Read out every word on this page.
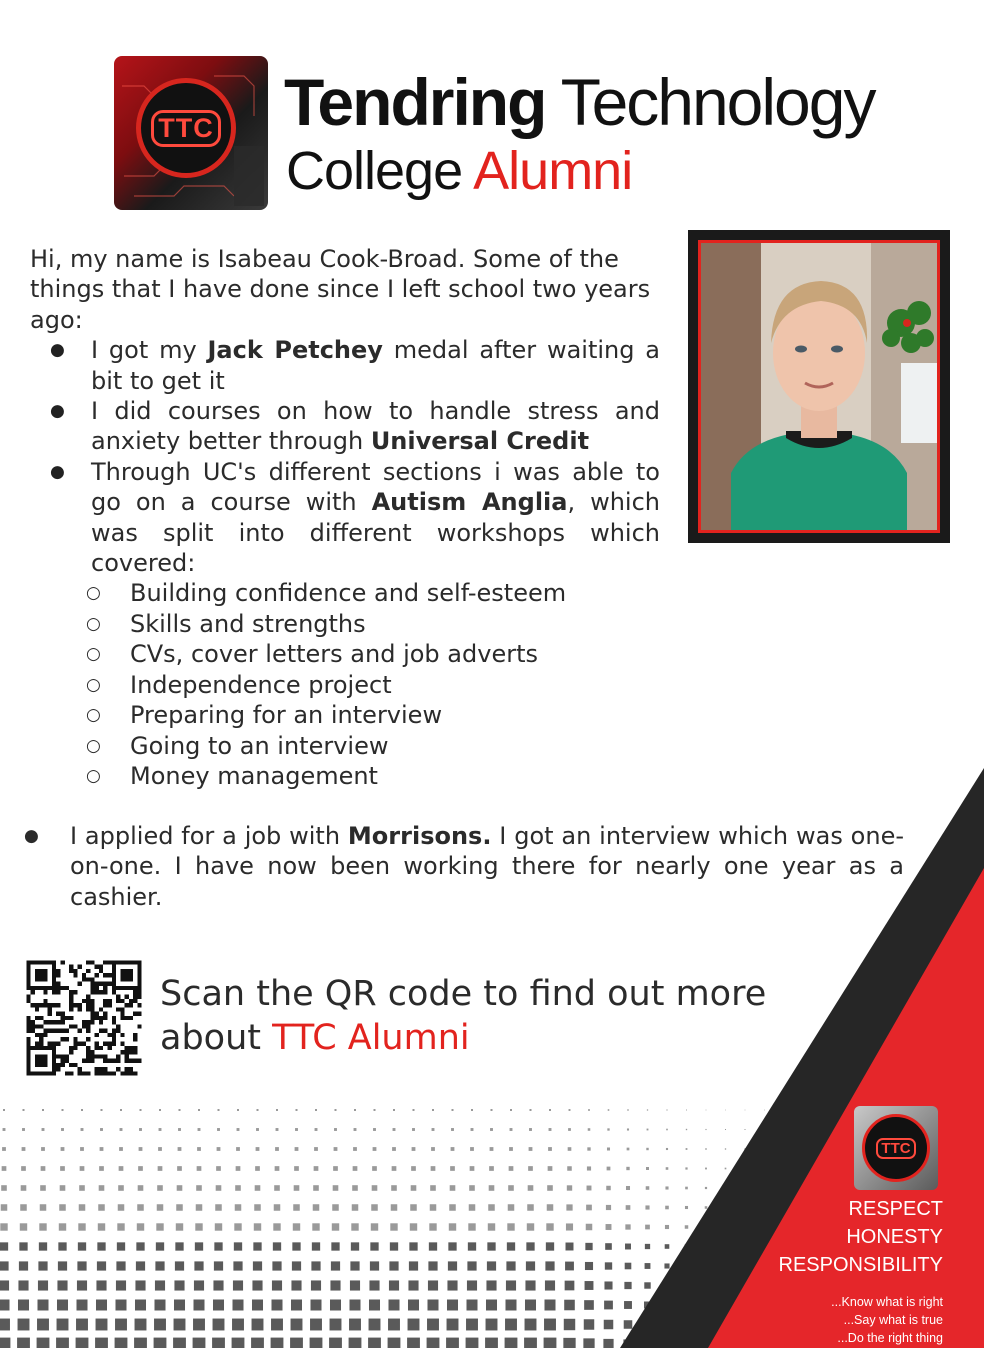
TTC Tendring Technology
College Alumni

Hi, my name is Isabeau Cook-Broad. Some of the things that I have done since I left school two years ago:

● I got my Jack Petchey medal after waiting a bit to get it
● I did courses on how to handle stress and anxiety better through Universal Credit
● Through UC's different sections i was able to go on a course with Autism Anglia, which was split into different workshops which covered:
○ Building confidence and self-esteem
○ Skills and strengths
○ CVs, cover letters and job adverts
○ Independence project
○ Preparing for an interview
○ Going to an interview
○ Money management
● I applied for a job with Morrisons. I got an interview which was one-on-one. I have now been working there for nearly one year as a cashier.
Scan the QR code to find out more
about TTC Alumni
TTC
RESPECT
HONESTY
RESPONSIBILITY
...Know what is right
...Say what is true
...Do the right thing
